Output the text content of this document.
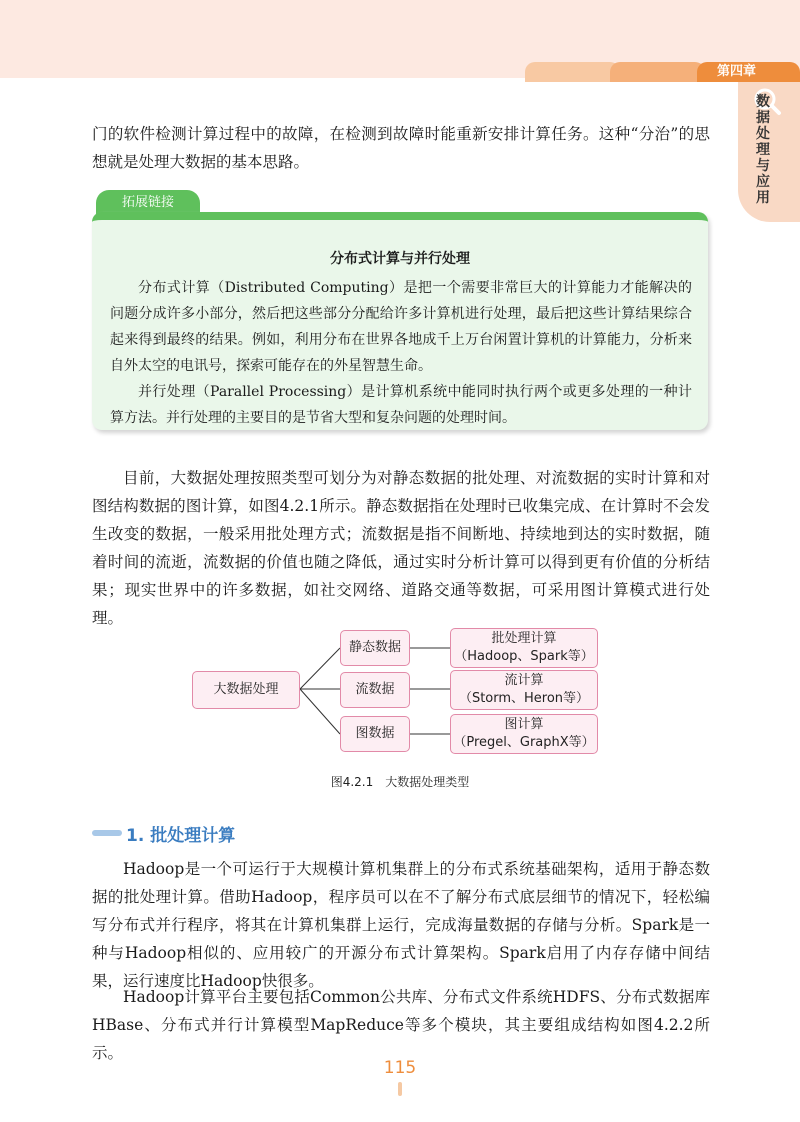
第四章
数据处理与应用

门的软件检测计算过程中的故障，在检测到故障时能重新安排计算任务。这种“分治”的思想就是处理大数据的基本思路。

拓展链接
分布式计算与并行处理

分布式计算（Distributed Computing）是把一个需要非常巨大的计算能力才能解决的问题分成许多小部分，然后把这些部分分配给许多计算机进行处理，最后把这些计算结果综合起来得到最终的结果。例如，利用分布在世界各地成千上万台闲置计算机的计算能力，分析来自外太空的电讯号，探索可能存在的外星智慧生命。

并行处理（Parallel Processing）是计算机系统中能同时执行两个或更多处理的一种计算方法。并行处理的主要目的是节省大型和复杂问题的处理时间。

目前，大数据处理按照类型可划分为对静态数据的批处理、对流数据的实时计算和对图结构数据的图计算，如图4.2.1所示。静态数据指在处理时已收集完成、在计算时不会发生改变的数据，一般采用批处理方式；流数据是指不间断地、持续地到达的实时数据，随着时间的流逝，流数据的价值也随之降低，通过实时分析计算可以得到更有价值的分析结果；现实世界中的许多数据，如社交网络、道路交通等数据，可采用图计算模式进行处理。

大数据处理
静态数据
流数据
图数据
批处理计算
（Hadoop、Spark等）
流计算
（Storm、Heron等）
图计算
（Pregel、GraphX等）
图4.2.1　大数据处理类型
1. 批处理计算

Hadoop是一个可运行于大规模计算机集群上的分布式系统基础架构，适用于静态数据的批处理计算。借助Hadoop，程序员可以在不了解分布式底层细节的情况下，轻松编写分布式并行程序，将其在计算机集群上运行，完成海量数据的存储与分析。Spark是一种与Hadoop相似的、应用较广的开源分布式计算架构。Spark启用了内存存储中间结果，运行速度比Hadoop快很多。

Hadoop计算平台主要包括Common公共库、分布式文件系统HDFS、分布式数据库HBase、分布式并行计算模型MapReduce等多个模块，其主要组成结构如图4.2.2所示。

115
